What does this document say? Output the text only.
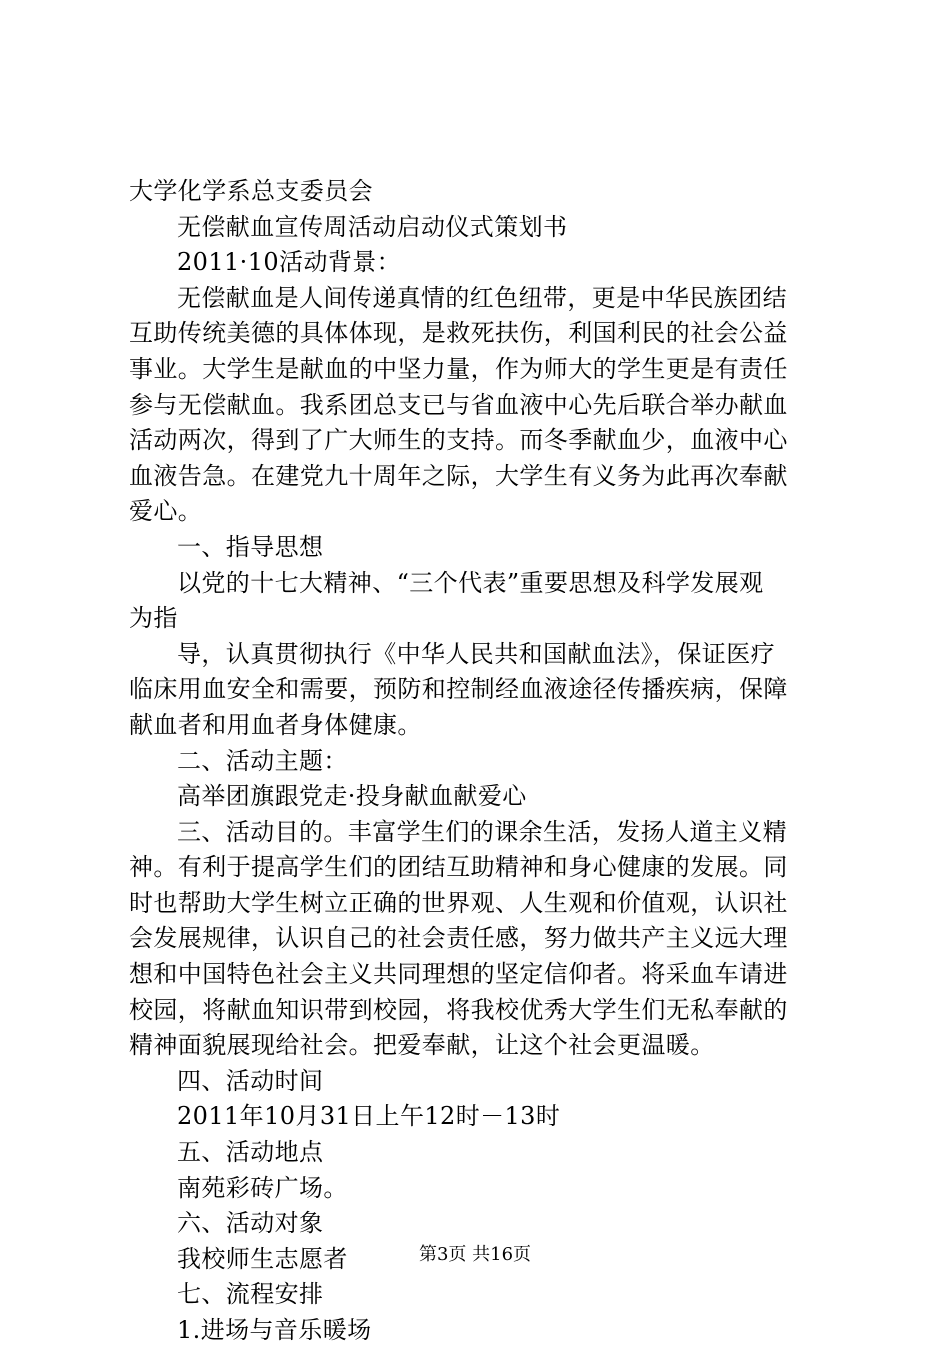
大学化学系总支委员会
无偿献血宣传周活动启动仪式策划书
2011·10活动背景：
无偿献血是人间传递真情的红色纽带，更是中华民族团结
互助传统美德的具体体现，是救死扶伤，利国利民的社会公益
事业。大学生是献血的中坚力量，作为师大的学生更是有责任
参与无偿献血。我系团总支已与省血液中心先后联合举办献血
活动两次，得到了广大师生的支持。而冬季献血少，血液中心
血液告急。在建党九十周年之际，大学生有义务为此再次奉献
爱心。
一、指导思想
以党的十七大精神、“三个代表”重要思想及科学发展观
为指
导，认真贯彻执行《中华人民共和国献血法》，保证医疗
临床用血安全和需要，预防和控制经血液途径传播疾病，保障
献血者和用血者身体健康。
二、活动主题：
高举团旗跟党走·投身献血献爱心
三、活动目的。丰富学生们的课余生活，发扬人道主义精
神。有利于提高学生们的团结互助精神和身心健康的发展。同
时也帮助大学生树立正确的世界观、人生观和价值观，认识社
会发展规律，认识自己的社会责任感，努力做共产主义远大理
想和中国特色社会主义共同理想的坚定信仰者。将采血车请进
校园，将献血知识带到校园，将我校优秀大学生们无私奉献的
精神面貌展现给社会。把爱奉献，让这个社会更温暖。
四、活动时间
2011年10月31日上午12时－13时
五、活动地点
南苑彩砖广场。
六、活动对象
我校师生志愿者
七、流程安排
1.进场与音乐暖场
第3页 共16页
